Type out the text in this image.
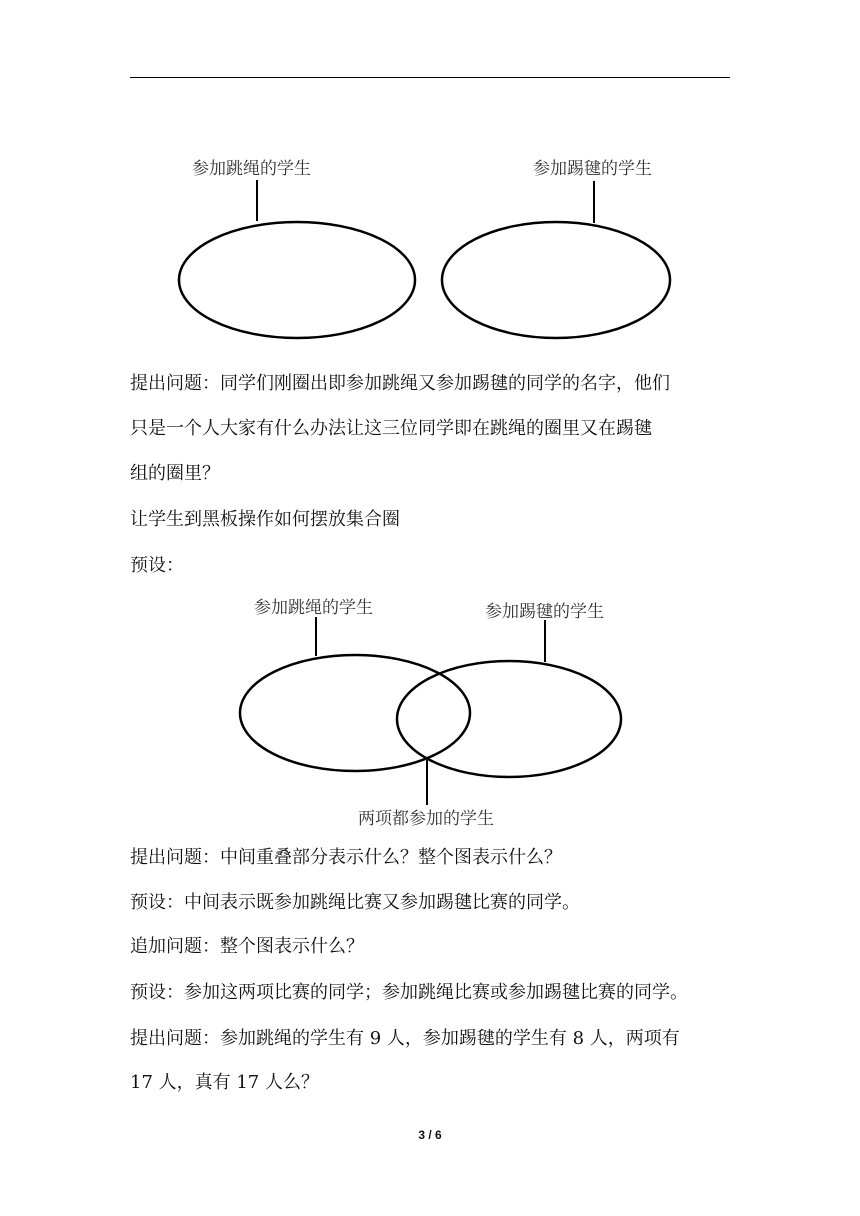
参加跳绳的学生	参加踢毽的学生
提出问题：同学们刚圈出即参加跳绳又参加踢毽的同学的名字，他们
只是一个人大家有什么办法让这三位同学即在跳绳的圈里又在踢毽
组的圈里？
让学生到黑板操作如何摆放集合圈
预设：
参加跳绳的学生	参加踢毽的学生
两项都参加的学生
提出问题：中间重叠部分表示什么？整个图表示什么？
预设：中间表示既参加跳绳比赛又参加踢毽比赛的同学。
追加问题：整个图表示什么？
预设：参加这两项比赛的同学；参加跳绳比赛或参加踢毽比赛的同学。
提出问题：参加跳绳的学生有 9 人，参加踢毽的学生有 8 人，两项有
17 人，真有 17 人么？
3 / 6
